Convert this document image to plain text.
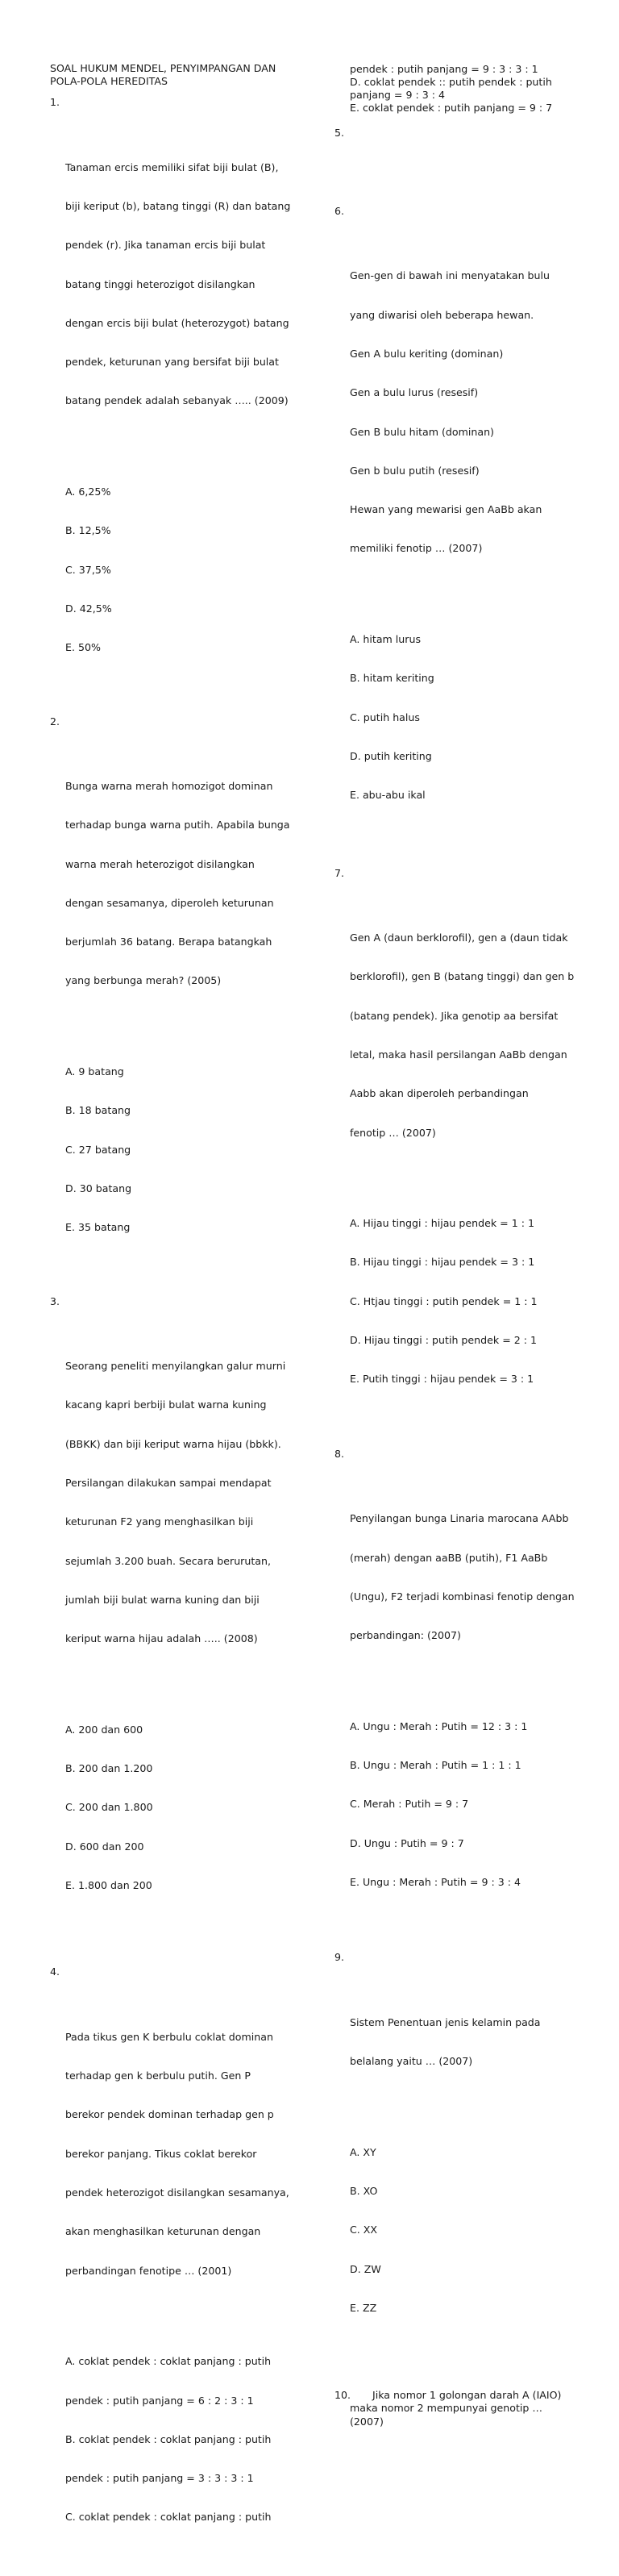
SOAL HUKUM MENDEL, PENYIMPANGAN DAN
POLA-POLA HEREDITAS

1.

Tanaman ercis memiliki sifat biji bulat (B),

biji keriput (b), batang tinggi (R) dan batang

pendek (r). Jika tanaman ercis biji bulat

batang tinggi heterozigot disilangkan

dengan ercis biji bulat (heterozygot) batang

pendek, keturunan yang bersifat biji bulat

batang pendek adalah sebanyak ….. (2009)

A. 6,25%

B. 12,5%

C. 37,5%

D. 42,5%

E. 50%

2.

Bunga warna merah homozigot dominan

terhadap bunga warna putih. Apabila bunga

warna merah heterozigot disilangkan

dengan sesamanya, diperoleh keturunan

berjumlah 36 batang. Berapa batangkah

yang berbunga merah? (2005)

A. 9 batang

B. 18 batang

C. 27 batang

D. 30 batang

E. 35 batang

3.

Seorang peneliti menyilangkan galur murni

kacang kapri berbiji bulat warna kuning

(BBKK) dan biji keriput warna hijau (bbkk).

Persilangan dilakukan sampai mendapat

keturunan F2 yang menghasilkan biji

sejumlah 3.200 buah. Secara berurutan,

jumlah biji bulat warna kuning dan biji

keriput warna hijau adalah ….. (2008)

A. 200 dan 600

B. 200 dan 1.200

C. 200 dan 1.800

D. 600 dan 200

E. 1.800 dan 200

4.

Pada tikus gen K berbulu coklat dominan

terhadap gen k berbulu putih. Gen P

berekor pendek dominan terhadap gen p

berekor panjang. Tikus coklat berekor

pendek heterozigot disilangkan sesamanya,

akan menghasilkan keturunan dengan

perbandingan fenotipe … (2001)

A. coklat pendek : coklat panjang : putih

pendek : putih panjang = 6 : 2 : 3 : 1

B. coklat pendek : coklat panjang : putih

pendek : putih panjang = 3 : 3 : 3 : 1

C. coklat pendek : coklat panjang : putih

pendek : putih panjang = 9 : 3 : 3 : 1
D. coklat pendek :: putih pendek : putih
panjang = 9 : 3 : 4
E. coklat pendek : putih panjang = 9 : 7

5.

6.

Gen-gen di bawah ini menyatakan bulu

yang diwarisi oleh beberapa hewan.

Gen A bulu keriting (dominan)

Gen a bulu lurus (resesif)

Gen B bulu hitam (dominan)

Gen b bulu putih (resesif)

Hewan yang mewarisi gen AaBb akan

memiliki fenotip … (2007)

A. hitam lurus

B. hitam keriting

C. putih halus

D. putih keriting

E. abu-abu ikal

7.

Gen A (daun berklorofil), gen a (daun tidak

berklorofil), gen B (batang tinggi) dan gen b

(batang pendek). Jika genotip aa bersifat

letal, maka hasil persilangan AaBb dengan

Aabb akan diperoleh perbandingan

fenotip … (2007)

A. Hijau tinggi : hijau pendek = 1 : 1

B. Hijau tinggi : hijau pendek = 3 : 1

C. Htjau tinggi : putih pendek = 1 : 1

D. Hijau tinggi : putih pendek = 2 : 1

E. Putih tinggi : hijau pendek = 3 : 1

8.

Penyilangan bunga Linaria marocana AAbb

(merah) dengan aaBB (putih), F1 AaBb

(Ungu), F2 terjadi kombinasi fenotip dengan

perbandingan: (2007)

A. Ungu : Merah : Putih = 12 : 3 : 1

B. Ungu : Merah : Putih = 1 : 1 : 1

C. Merah : Putih = 9 : 7

D. Ungu : Putih = 9 : 7

E. Ungu : Merah : Putih = 9 : 3 : 4

9.

Sistem Penentuan jenis kelamin pada

belalang yaitu … (2007)

A. XY

B. XO

C. XX

D. ZW

E. ZZ

10.	Jika nomor 1 golongan darah A (IAIO)
maka nomor 2 mempunyai genotip …
(2007)
